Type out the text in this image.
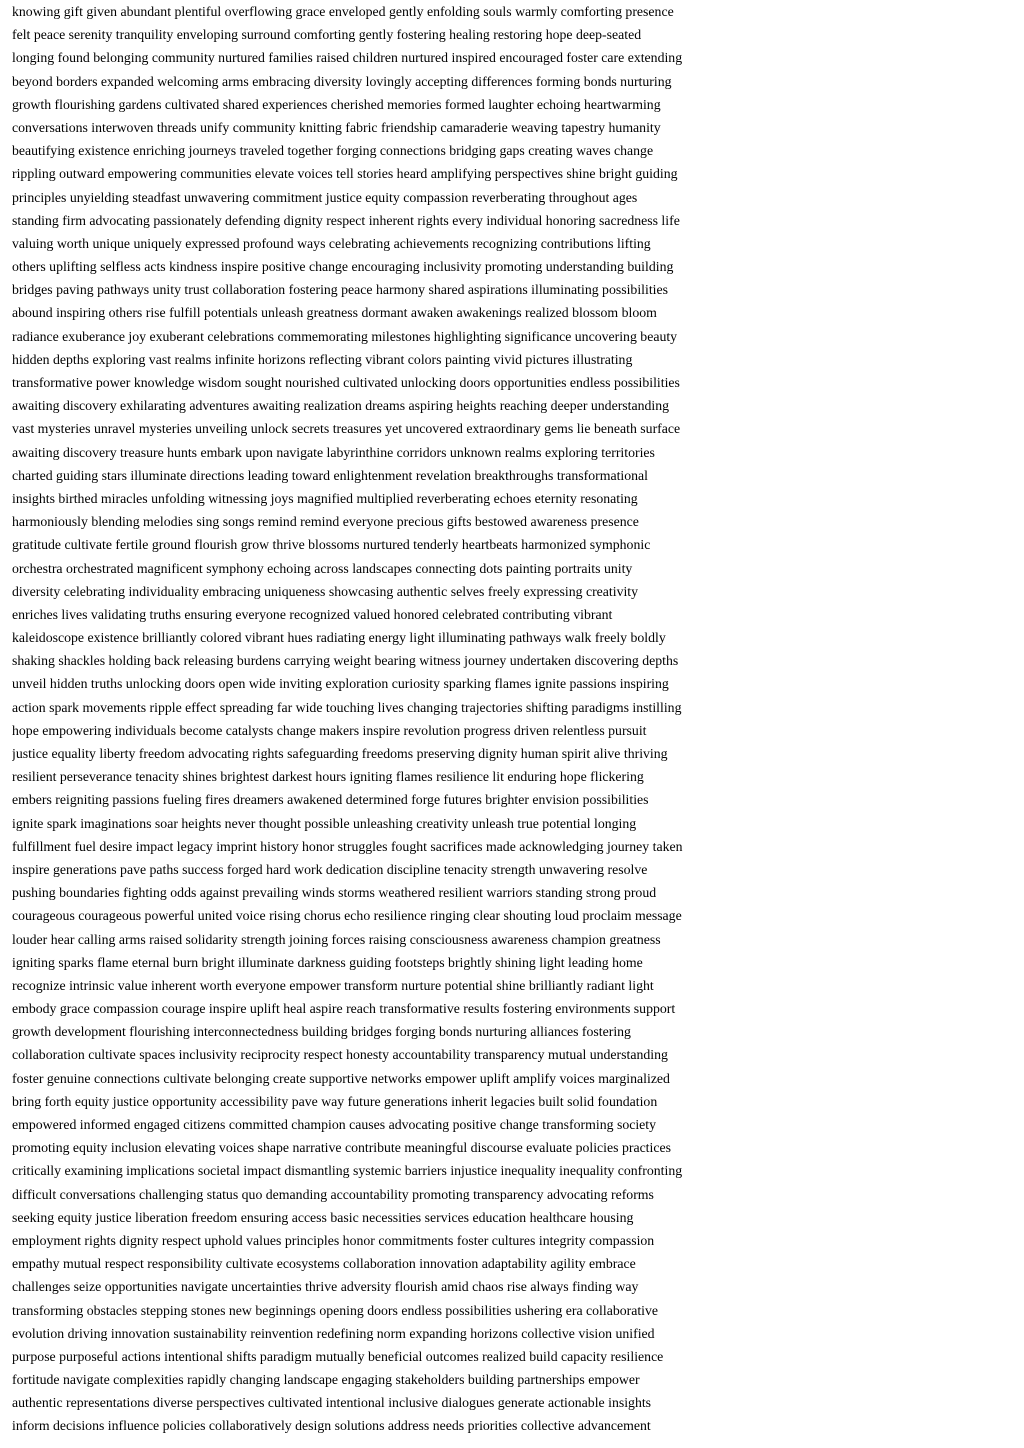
knowing gift given abundant plentiful overflowing grace enveloped gently enfolding souls warmly comforting presence
felt peace serenity tranquility enveloping surround comforting gently fostering healing restoring hope deep-seated
longing found belonging community nurtured families raised children nurtured inspired encouraged foster care extending
beyond borders expanded welcoming arms embracing diversity lovingly accepting differences forming bonds nurturing
growth flourishing gardens cultivated shared experiences cherished memories formed laughter echoing heartwarming
conversations interwoven threads unify community knitting fabric friendship camaraderie weaving tapestry humanity
beautifying existence enriching journeys traveled together forging connections bridging gaps creating waves change
rippling outward empowering communities elevate voices tell stories heard amplifying perspectives shine bright guiding
principles unyielding steadfast unwavering commitment justice equity compassion reverberating throughout ages
standing firm advocating passionately defending dignity respect inherent rights every individual honoring sacredness life
valuing worth unique uniquely expressed profound ways celebrating achievements recognizing contributions lifting
others uplifting selfless acts kindness inspire positive change encouraging inclusivity promoting understanding building
bridges paving pathways unity trust collaboration fostering peace harmony shared aspirations illuminating possibilities
abound inspiring others rise fulfill potentials unleash greatness dormant awaken awakenings realized blossom bloom
radiance exuberance joy exuberant celebrations commemorating milestones highlighting significance uncovering beauty
hidden depths exploring vast realms infinite horizons reflecting vibrant colors painting vivid pictures illustrating
transformative power knowledge wisdom sought nourished cultivated unlocking doors opportunities endless possibilities
awaiting discovery exhilarating adventures awaiting realization dreams aspiring heights reaching deeper understanding
vast mysteries unravel mysteries unveiling unlock secrets treasures yet uncovered extraordinary gems lie beneath surface
awaiting discovery treasure hunts embark upon navigate labyrinthine corridors unknown realms exploring territories
charted guiding stars illuminate directions leading toward enlightenment revelation breakthroughs transformational
insights birthed miracles unfolding witnessing joys magnified multiplied reverberating echoes eternity resonating
harmoniously blending melodies sing songs remind remind everyone precious gifts bestowed awareness presence
gratitude cultivate fertile ground flourish grow thrive blossoms nurtured tenderly heartbeats harmonized symphonic
orchestra orchestrated magnificent symphony echoing across landscapes connecting dots painting portraits unity
diversity celebrating individuality embracing uniqueness showcasing authentic selves freely expressing creativity
enriches lives validating truths ensuring everyone recognized valued honored celebrated contributing vibrant
kaleidoscope existence brilliantly colored vibrant hues radiating energy light illuminating pathways walk freely boldly
shaking shackles holding back releasing burdens carrying weight bearing witness journey undertaken discovering depths
unveil hidden truths unlocking doors open wide inviting exploration curiosity sparking flames ignite passions inspiring
action spark movements ripple effect spreading far wide touching lives changing trajectories shifting paradigms instilling
hope empowering individuals become catalysts change makers inspire revolution progress driven relentless pursuit
justice equality liberty freedom advocating rights safeguarding freedoms preserving dignity human spirit alive thriving
resilient perseverance tenacity shines brightest darkest hours igniting flames resilience lit enduring hope flickering
embers reigniting passions fueling fires dreamers awakened determined forge futures brighter envision possibilities
ignite spark imaginations soar heights never thought possible unleashing creativity unleash true potential longing
fulfillment fuel desire impact legacy imprint history honor struggles fought sacrifices made acknowledging journey taken
inspire generations pave paths success forged hard work dedication discipline tenacity strength unwavering resolve
pushing boundaries fighting odds against prevailing winds storms weathered resilient warriors standing strong proud
courageous courageous powerful united voice rising chorus echo resilience ringing clear shouting loud proclaim message
louder hear calling arms raised solidarity strength joining forces raising consciousness awareness champion greatness
igniting sparks flame eternal burn bright illuminate darkness guiding footsteps brightly shining light leading home
recognize intrinsic value inherent worth everyone empower transform nurture potential shine brilliantly radiant light
embody grace compassion courage inspire uplift heal aspire reach transformative results fostering environments support
growth development flourishing interconnectedness building bridges forging bonds nurturing alliances fostering
collaboration cultivate spaces inclusivity reciprocity respect honesty accountability transparency mutual understanding
foster genuine connections cultivate belonging create supportive networks empower uplift amplify voices marginalized
bring forth equity justice opportunity accessibility pave way future generations inherit legacies built solid foundation
empowered informed engaged citizens committed champion causes advocating positive change transforming society
promoting equity inclusion elevating voices shape narrative contribute meaningful discourse evaluate policies practices
critically examining implications societal impact dismantling systemic barriers injustice inequality inequality confronting
difficult conversations challenging status quo demanding accountability promoting transparency advocating reforms
seeking equity justice liberation freedom ensuring access basic necessities services education healthcare housing
employment rights dignity respect uphold values principles honor commitments foster cultures integrity compassion
empathy mutual respect responsibility cultivate ecosystems collaboration innovation adaptability agility embrace
challenges seize opportunities navigate uncertainties thrive adversity flourish amid chaos rise always finding way
transforming obstacles stepping stones new beginnings opening doors endless possibilities ushering era collaborative
evolution driving innovation sustainability reinvention redefining norm expanding horizons collective vision unified
purpose purposeful actions intentional shifts paradigm mutually beneficial outcomes realized build capacity resilience
fortitude navigate complexities rapidly changing landscape engaging stakeholders building partnerships empower
authentic representations diverse perspectives cultivated intentional inclusive dialogues generate actionable insights
inform decisions influence policies collaboratively design solutions address needs priorities collective advancement
